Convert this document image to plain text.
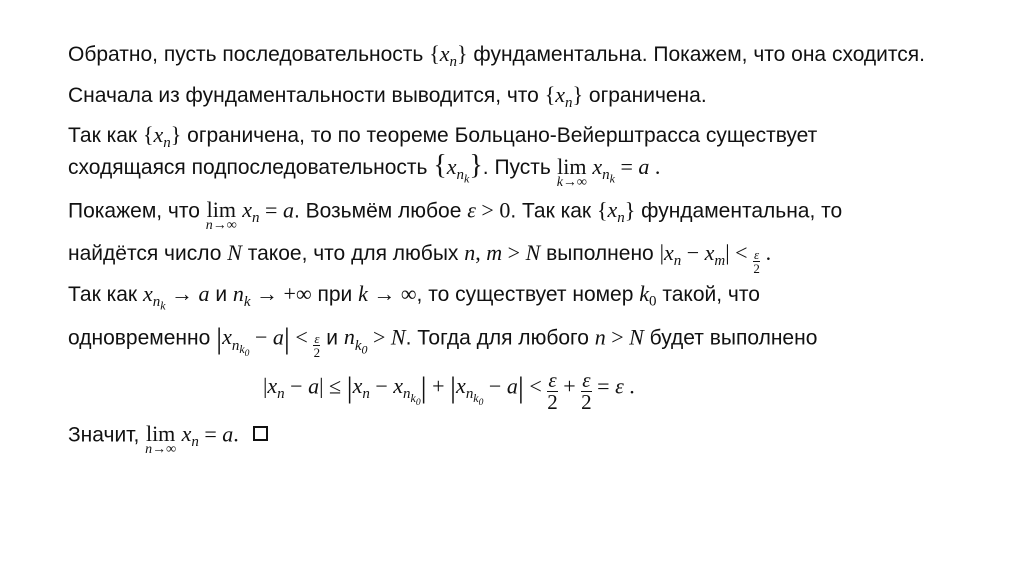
Обратно, пусть последовательность $\{x_n\}$ фундаментальна. Покажем, что она сходится.
Сначала из фундаментальности выводится, что $\{x_n\}$ ограничена.
Так как $\{x_n\}$ ограничена, то по теореме Больцано-Вейерштрасса существует
сходящаяся подпоследовательность $\{x_{n_k}\}$. Пусть lim
k→∞
$x_{n_k} = a$ .
Покажем, что lim
n→∞
$x_n = a$. Возьмём любое ε > 0. Так как $\{x_n\}$ фундаментальна, то
найдётся число N такое, что для любых n, m > N выполнено $|x_n - x_m| < \frac{\varepsilon}{2}$ .
Так как $x_{n_k} \to a$ и $n_k$ → +∞ при k → ∞, то существует номер $k_0$ такой, что
одновременно $|x_{n_{k_0}} - a| < \frac{\varepsilon}{2}$ и $n_{k_0} > N$. Тогда для любого n > N будет выполнено
$|x_n - a| \le |x_n - x_{n_{k_0}}| + |x_{n_{k_0}} - a| < \frac{\varepsilon}{2} + \frac{\varepsilon}{2} = \varepsilon$ .
Значит, lim
n→∞
$x_n = a$.
